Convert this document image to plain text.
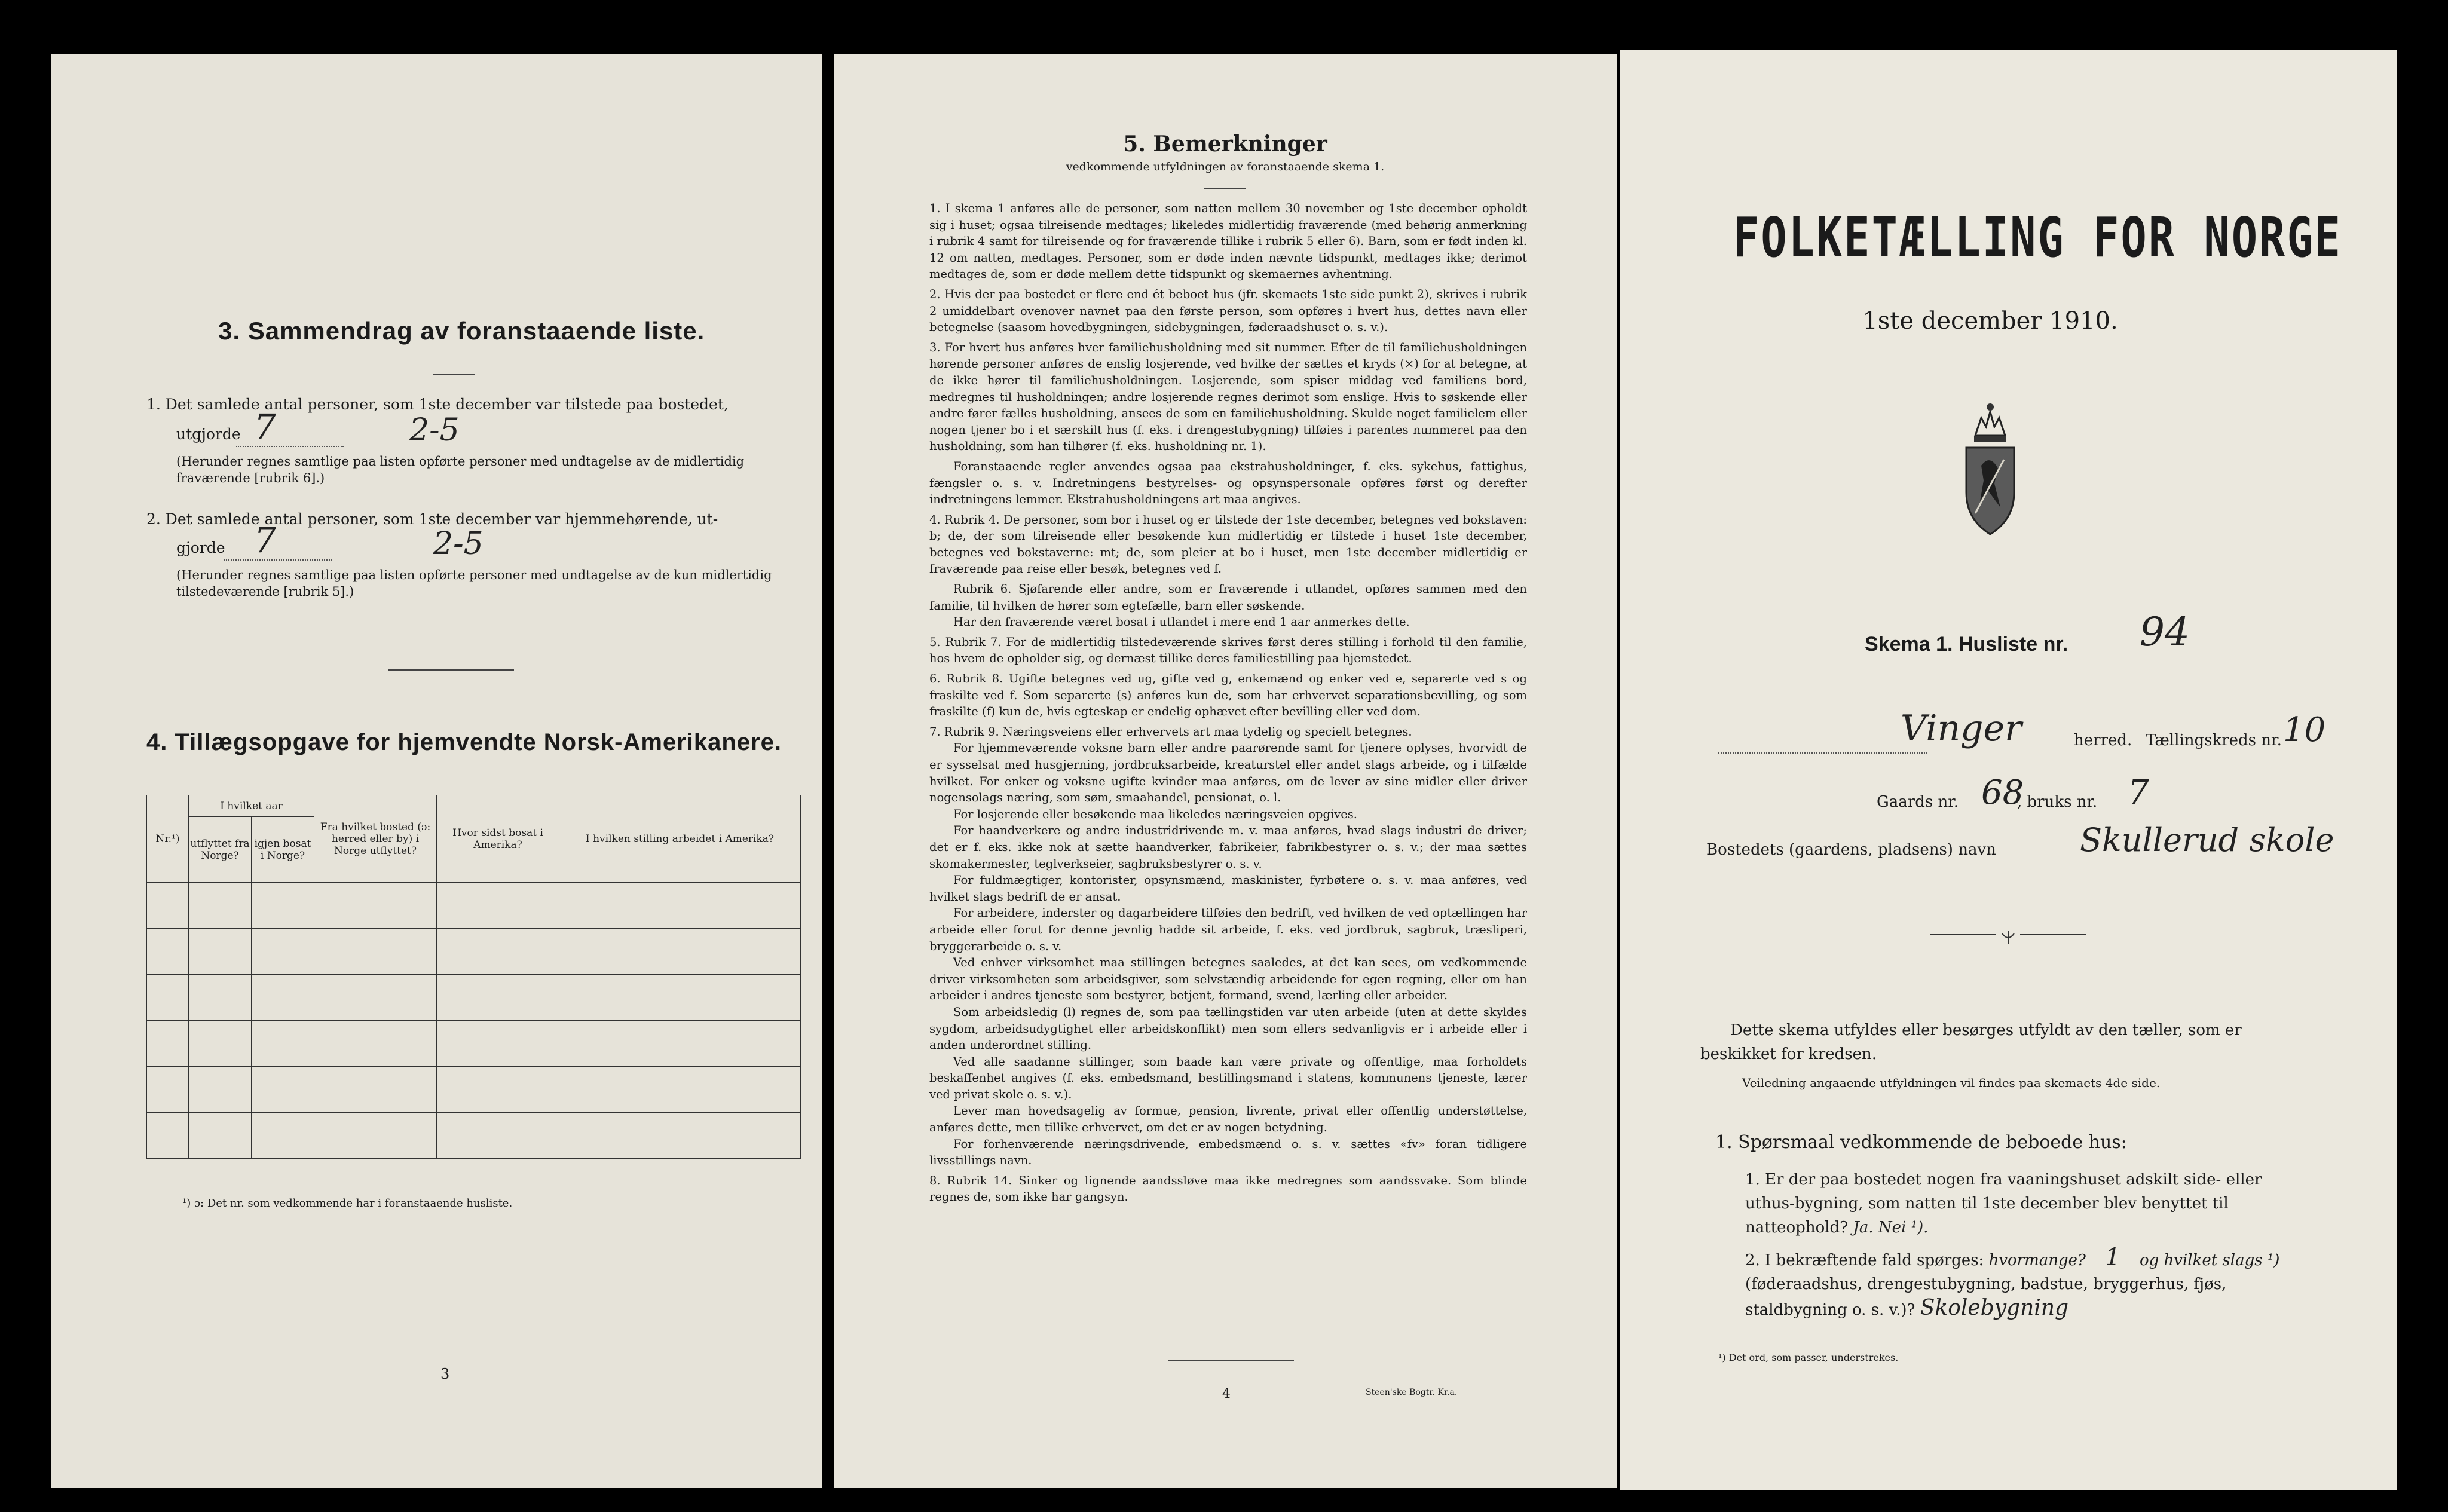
3. Sammendrag av foranstaaende liste.
1. Det samlede antal personer, som 1ste december var tilstede paa bostedet,
utgjorde 7	2-5
(Herunder regnes samtlige paa listen opførte personer med undtagelse av de midlertidig fraværende [rubrik 6].)
2. Det samlede antal personer, som 1ste december var hjemmehørende, ut-
gjorde 7	2-5
(Herunder regnes samtlige paa listen opførte personer med undtagelse av de kun midlertidig tilstedeværende [rubrik 5].)
4. Tillægsopgave for hjemvendte Norsk-Amerikanere.
Nr.¹)	I hvilket aar		Fra hvilket bosted (ɔ: herred eller by) i Norge utflyttet?	Hvor sidst bosat i Amerika?	I hvilken stilling arbeidet i Amerika?
	utflyttet fra Norge?	igjen bosat i Norge?			

¹) ɔ: Det nr. som vedkommende har i foranstaaende husliste.
3
5. Bemerkninger
vedkommende utfyldningen av foranstaaende skema 1.

1. I skema 1 anføres alle de personer, som natten mellem 30 november og 1ste december opholdt sig i huset; ogsaa tilreisende medtages; likeledes midlertidig fraværende (med behørig anmerkning i rubrik 4 samt for tilreisende og for fraværende tillike i rubrik 5 eller 6). Barn, som er født inden kl. 12 om natten, medtages. Personer, som er døde inden nævnte tidspunkt, medtages ikke; derimot medtages de, som er døde mellem dette tidspunkt og skemaernes avhentning.

2. Hvis der paa bostedet er flere end ét beboet hus (jfr. skemaets 1ste side punkt 2), skrives i rubrik 2 umiddelbart ovenover navnet paa den første person, som opføres i hvert hus, dettes navn eller betegnelse (saasom hovedbygningen, sidebygningen, føderaadshuset o. s. v.).

3. For hvert hus anføres hver familiehusholdning med sit nummer. Efter de til familiehusholdningen hørende personer anføres de enslig losjerende, ved hvilke der sættes et kryds (×) for at betegne, at de ikke hører til familiehusholdningen. Losjerende, som spiser middag ved familiens bord, medregnes til husholdningen; andre losjerende regnes derimot som enslige. Hvis to søskende eller andre fører fælles husholdning, ansees de som en familiehusholdning. Skulde noget familielem eller nogen tjener bo i et særskilt hus (f. eks. i drengestubygning) tilføies i parentes nummeret paa den husholdning, som han tilhører (f. eks. husholdning nr. 1).

Foranstaaende regler anvendes ogsaa paa ekstrahusholdninger, f. eks. sykehus, fattighus, fængsler o. s. v. Indretningens bestyrelses- og opsynspersonale opføres først og derefter indretningens lemmer. Ekstrahusholdningens art maa angives.

4. Rubrik 4. De personer, som bor i huset og er tilstede der 1ste december, betegnes ved bokstaven: b; de, der som tilreisende eller besøkende kun midlertidig er tilstede i huset 1ste december, betegnes ved bokstaverne: mt; de, som pleier at bo i huset, men 1ste december midlertidig er fraværende paa reise eller besøk, betegnes ved f.

Rubrik 6. Sjøfarende eller andre, som er fraværende i utlandet, opføres sammen med den familie, til hvilken de hører som egtefælle, barn eller søskende.

Har den fraværende været bosat i utlandet i mere end 1 aar anmerkes dette.

5. Rubrik 7. For de midlertidig tilstedeværende skrives først deres stilling i forhold til den familie, hos hvem de opholder sig, og dernæst tillike deres familiestilling paa hjemstedet.

6. Rubrik 8. Ugifte betegnes ved ug, gifte ved g, enkemænd og enker ved e, separerte ved s og fraskilte ved f. Som separerte (s) anføres kun de, som har erhvervet separationsbevilling, og som fraskilte (f) kun de, hvis egteskap er endelig ophævet efter bevilling eller ved dom.

7. Rubrik 9. Næringsveiens eller erhvervets art maa tydelig og specielt betegnes.

For hjemmeværende voksne barn eller andre paarørende samt for tjenere oplyses, hvorvidt de er sysselsat med husgjerning, jordbruksarbeide, kreaturstel eller andet slags arbeide, og i tilfælde hvilket. For enker og voksne ugifte kvinder maa anføres, om de lever av sine midler eller driver nogensolags næring, som søm, smaahandel, pensionat, o. l.

For losjerende eller besøkende maa likeledes næringsveien opgives.

For haandverkere og andre industridrivende m. v. maa anføres, hvad slags industri de driver; det er f. eks. ikke nok at sætte haandverker, fabrikeier, fabrikbestyrer o. s. v.; der maa sættes skomakermester, teglverkseier, sagbruksbestyrer o. s. v.

For fuldmægtiger, kontorister, opsynsmænd, maskinister, fyrbøtere o. s. v. maa anføres, ved hvilket slags bedrift de er ansat.

For arbeidere, inderster og dagarbeidere tilføies den bedrift, ved hvilken de ved optællingen har arbeide eller forut for denne jevnlig hadde sit arbeide, f. eks. ved jordbruk, sagbruk, træsliperi, bryggerarbeide o. s. v.

Ved enhver virksomhet maa stillingen betegnes saaledes, at det kan sees, om vedkommende driver virksomheten som arbeidsgiver, som selvstændig arbeidende for egen regning, eller om han arbeider i andres tjeneste som bestyrer, betjent, formand, svend, lærling eller arbeider.

Som arbeidsledig (l) regnes de, som paa tællingstiden var uten arbeide (uten at dette skyldes sygdom, arbeidsudygtighet eller arbeidskonflikt) men som ellers sedvanligvis er i arbeide eller i anden underordnet stilling.

Ved alle saadanne stillinger, som baade kan være private og offentlige, maa forholdets beskaffenhet angives (f. eks. embedsmand, bestillingsmand i statens, kommunens tjeneste, lærer ved privat skole o. s. v.).

Lever man hovedsagelig av formue, pension, livrente, privat eller offentlig understøttelse, anføres dette, men tillike erhvervet, om det er av nogen betydning.

For forhenværende næringsdrivende, embedsmænd o. s. v. sættes «fv» foran tidligere livsstillings navn.

8. Rubrik 14. Sinker og lignende aandssløve maa ikke medregnes som aandssvake. Som blinde regnes de, som ikke har gangsyn.

4	Steen'ske Bogtr. Kr.a.
FOLKETÆLLING FOR NORGE
1ste december 1910.
Skema 1. Husliste nr. 94
Vinger	herred. Tællingskreds nr. 10
Gaards nr. 68
, bruks nr. 7
Bostedets (gaardens, pladsens) navn	Skullerud skole
Dette skema utfyldes eller besørges utfyldt av den tæller, som er beskikket for kredsen.
Veiledning angaaende utfyldningen vil findes paa skemaets 4de side.
1. Spørsmaal vedkommende de beboede hus:
1. Er der paa bostedet nogen fra vaaningshuset adskilt side- eller uthus-bygning, som natten til 1ste december blev benyttet til natteophold? Ja. Nei ¹).
2. I bekræftende fald spørges: hvormange? 1 og hvilket slags ¹) (føderaadshus, drengestubygning, badstue, bryggerhus, fjøs, staldbygning o. s. v.)? Skolebygning
¹) Det ord, som passer, understrekes.
